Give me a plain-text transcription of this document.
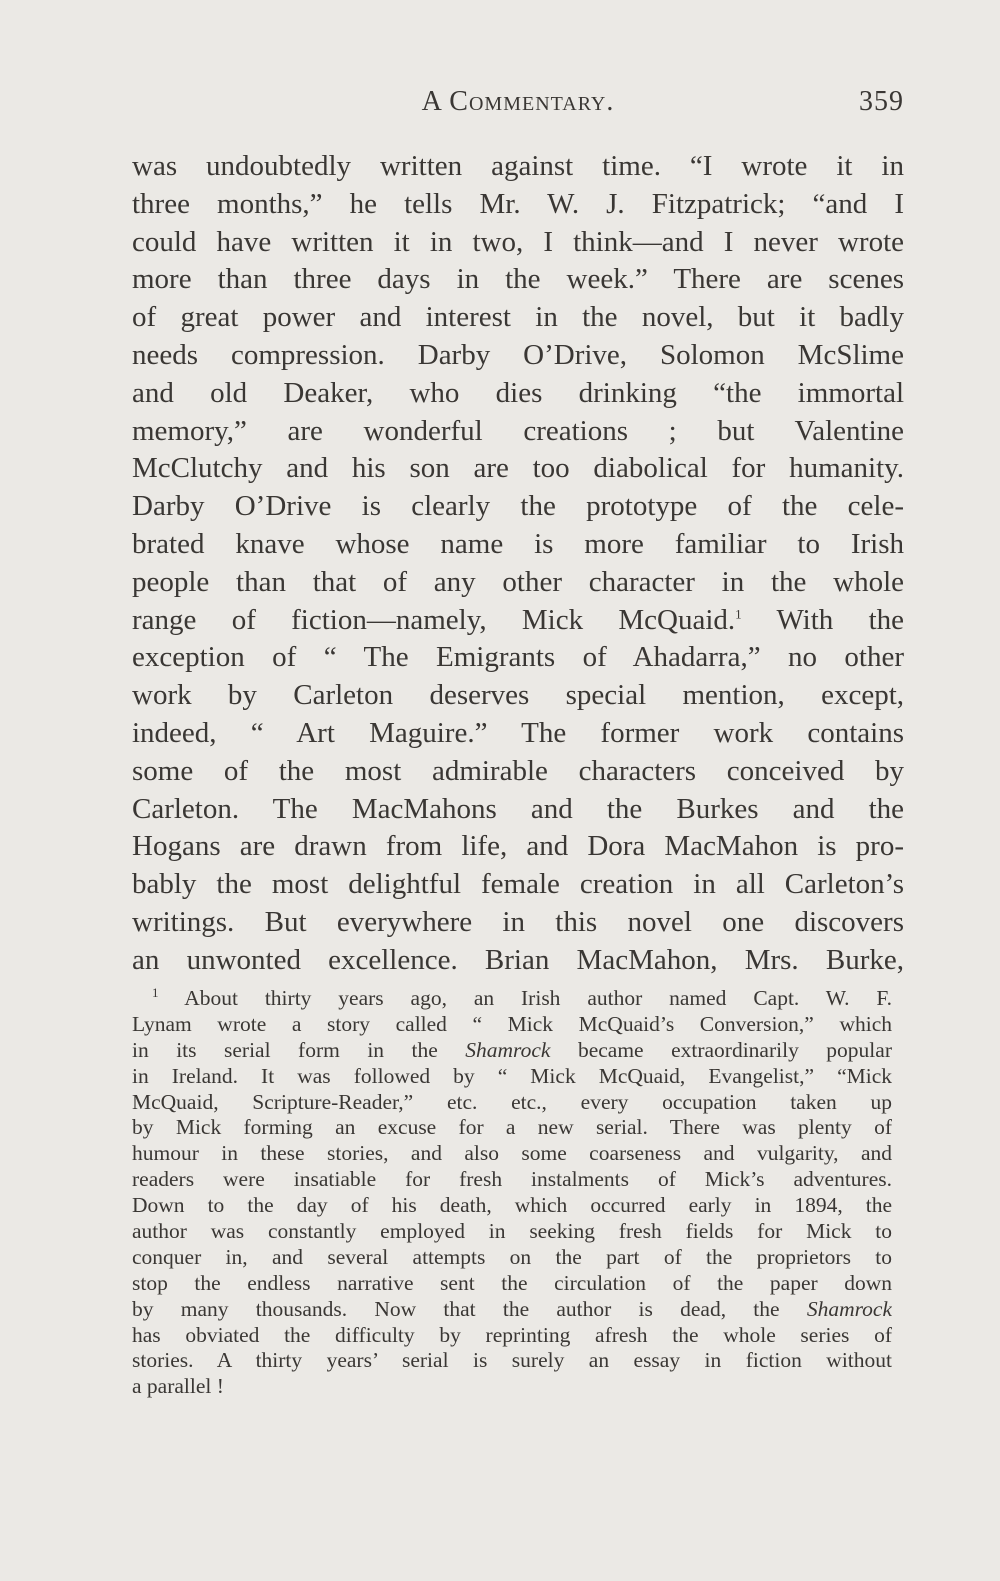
A Commentary.	359
was undoubtedly written against time. “I wrote it in
three months,” he tells Mr. W. J. Fitzpatrick; “and I
could have written it in two, I think—and I never wrote
more than three days in the week.” There are scenes
of great power and interest in the novel, but it badly
needs compression. Darby O’Drive, Solomon McSlime
and old Deaker, who dies drinking “the immortal
memory,” are wonderful creations ; but Valentine
McClutchy and his son are too diabolical for humanity.
Darby O’Drive is clearly the prototype of the cele-
brated knave whose name is more familiar to Irish
people than that of any other character in the whole
range of fiction—namely, Mick McQuaid.$^1$ With the
exception of “ The Emigrants of Ahadarra,” no other
work by Carleton deserves special mention, except,
indeed, “ Art Maguire.” The former work contains
some of the most admirable characters conceived by
Carleton. The MacMahons and the Burkes and the
Hogans are drawn from life, and Dora MacMahon is pro-
bably the most delightful female creation in all Carleton’s
writings. But everywhere in this novel one discovers
an unwonted excellence. Brian MacMahon, Mrs. Burke,
$^1$ About thirty years ago, an Irish author named Capt. W. F.
Lynam wrote a story called “ Mick McQuaid’s Conversion,” which
in its serial form in the Shamrock became extraordinarily popular
in Ireland. It was followed by “ Mick McQuaid, Evangelist,” “Mick
McQuaid, Scripture-Reader,” etc. etc., every occupation taken up
by Mick forming an excuse for a new serial. There was plenty of
humour in these stories, and also some coarseness and vulgarity, and
readers were insatiable for fresh instalments of Mick’s adventures.
Down to the day of his death, which occurred early in 1894, the
author was constantly employed in seeking fresh fields for Mick to
conquer in, and several attempts on the part of the proprietors to
stop the endless narrative sent the circulation of the paper down
by many thousands. Now that the author is dead, the Shamrock
has obviated the difficulty by reprinting afresh the whole series of
stories. A thirty years’ serial is surely an essay in fiction without
a parallel !
